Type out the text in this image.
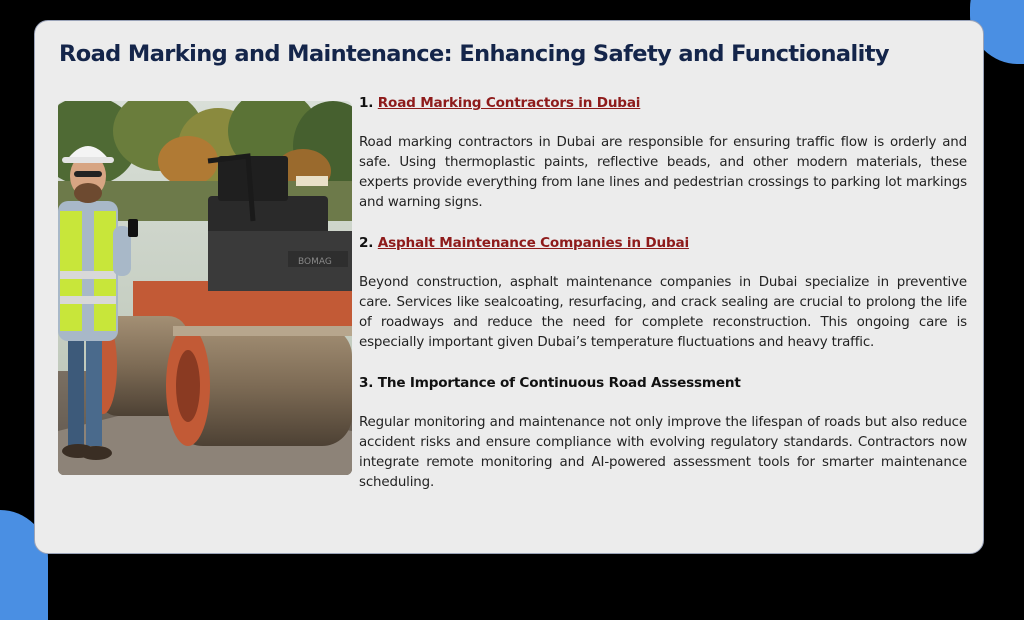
Road Marking and Maintenance: Enhancing Safety and Functionality
BOMAG

1. Road Marking Contractors in Dubai

Road marking contractors in Dubai are responsible for ensuring traffic flow is orderly and safe. Using thermoplastic paints, reflective beads, and other modern materials, these experts provide everything from lane lines and pedestrian crossings to parking lot markings and warning signs.

2. Asphalt Maintenance Companies in Dubai

Beyond construction, asphalt maintenance companies in Dubai specialize in preventive care. Services like sealcoating, resurfacing, and crack sealing are crucial to prolong the life of roadways and reduce the need for complete reconstruction. This ongoing care is especially important given Dubai’s temperature fluctuations and heavy traffic.

3. The Importance of Continuous Road Assessment

Regular monitoring and maintenance not only improve the lifespan of roads but also reduce accident risks and ensure compliance with evolving regulatory standards. Contractors now integrate remote monitoring and AI-powered assessment tools for smarter maintenance scheduling.
